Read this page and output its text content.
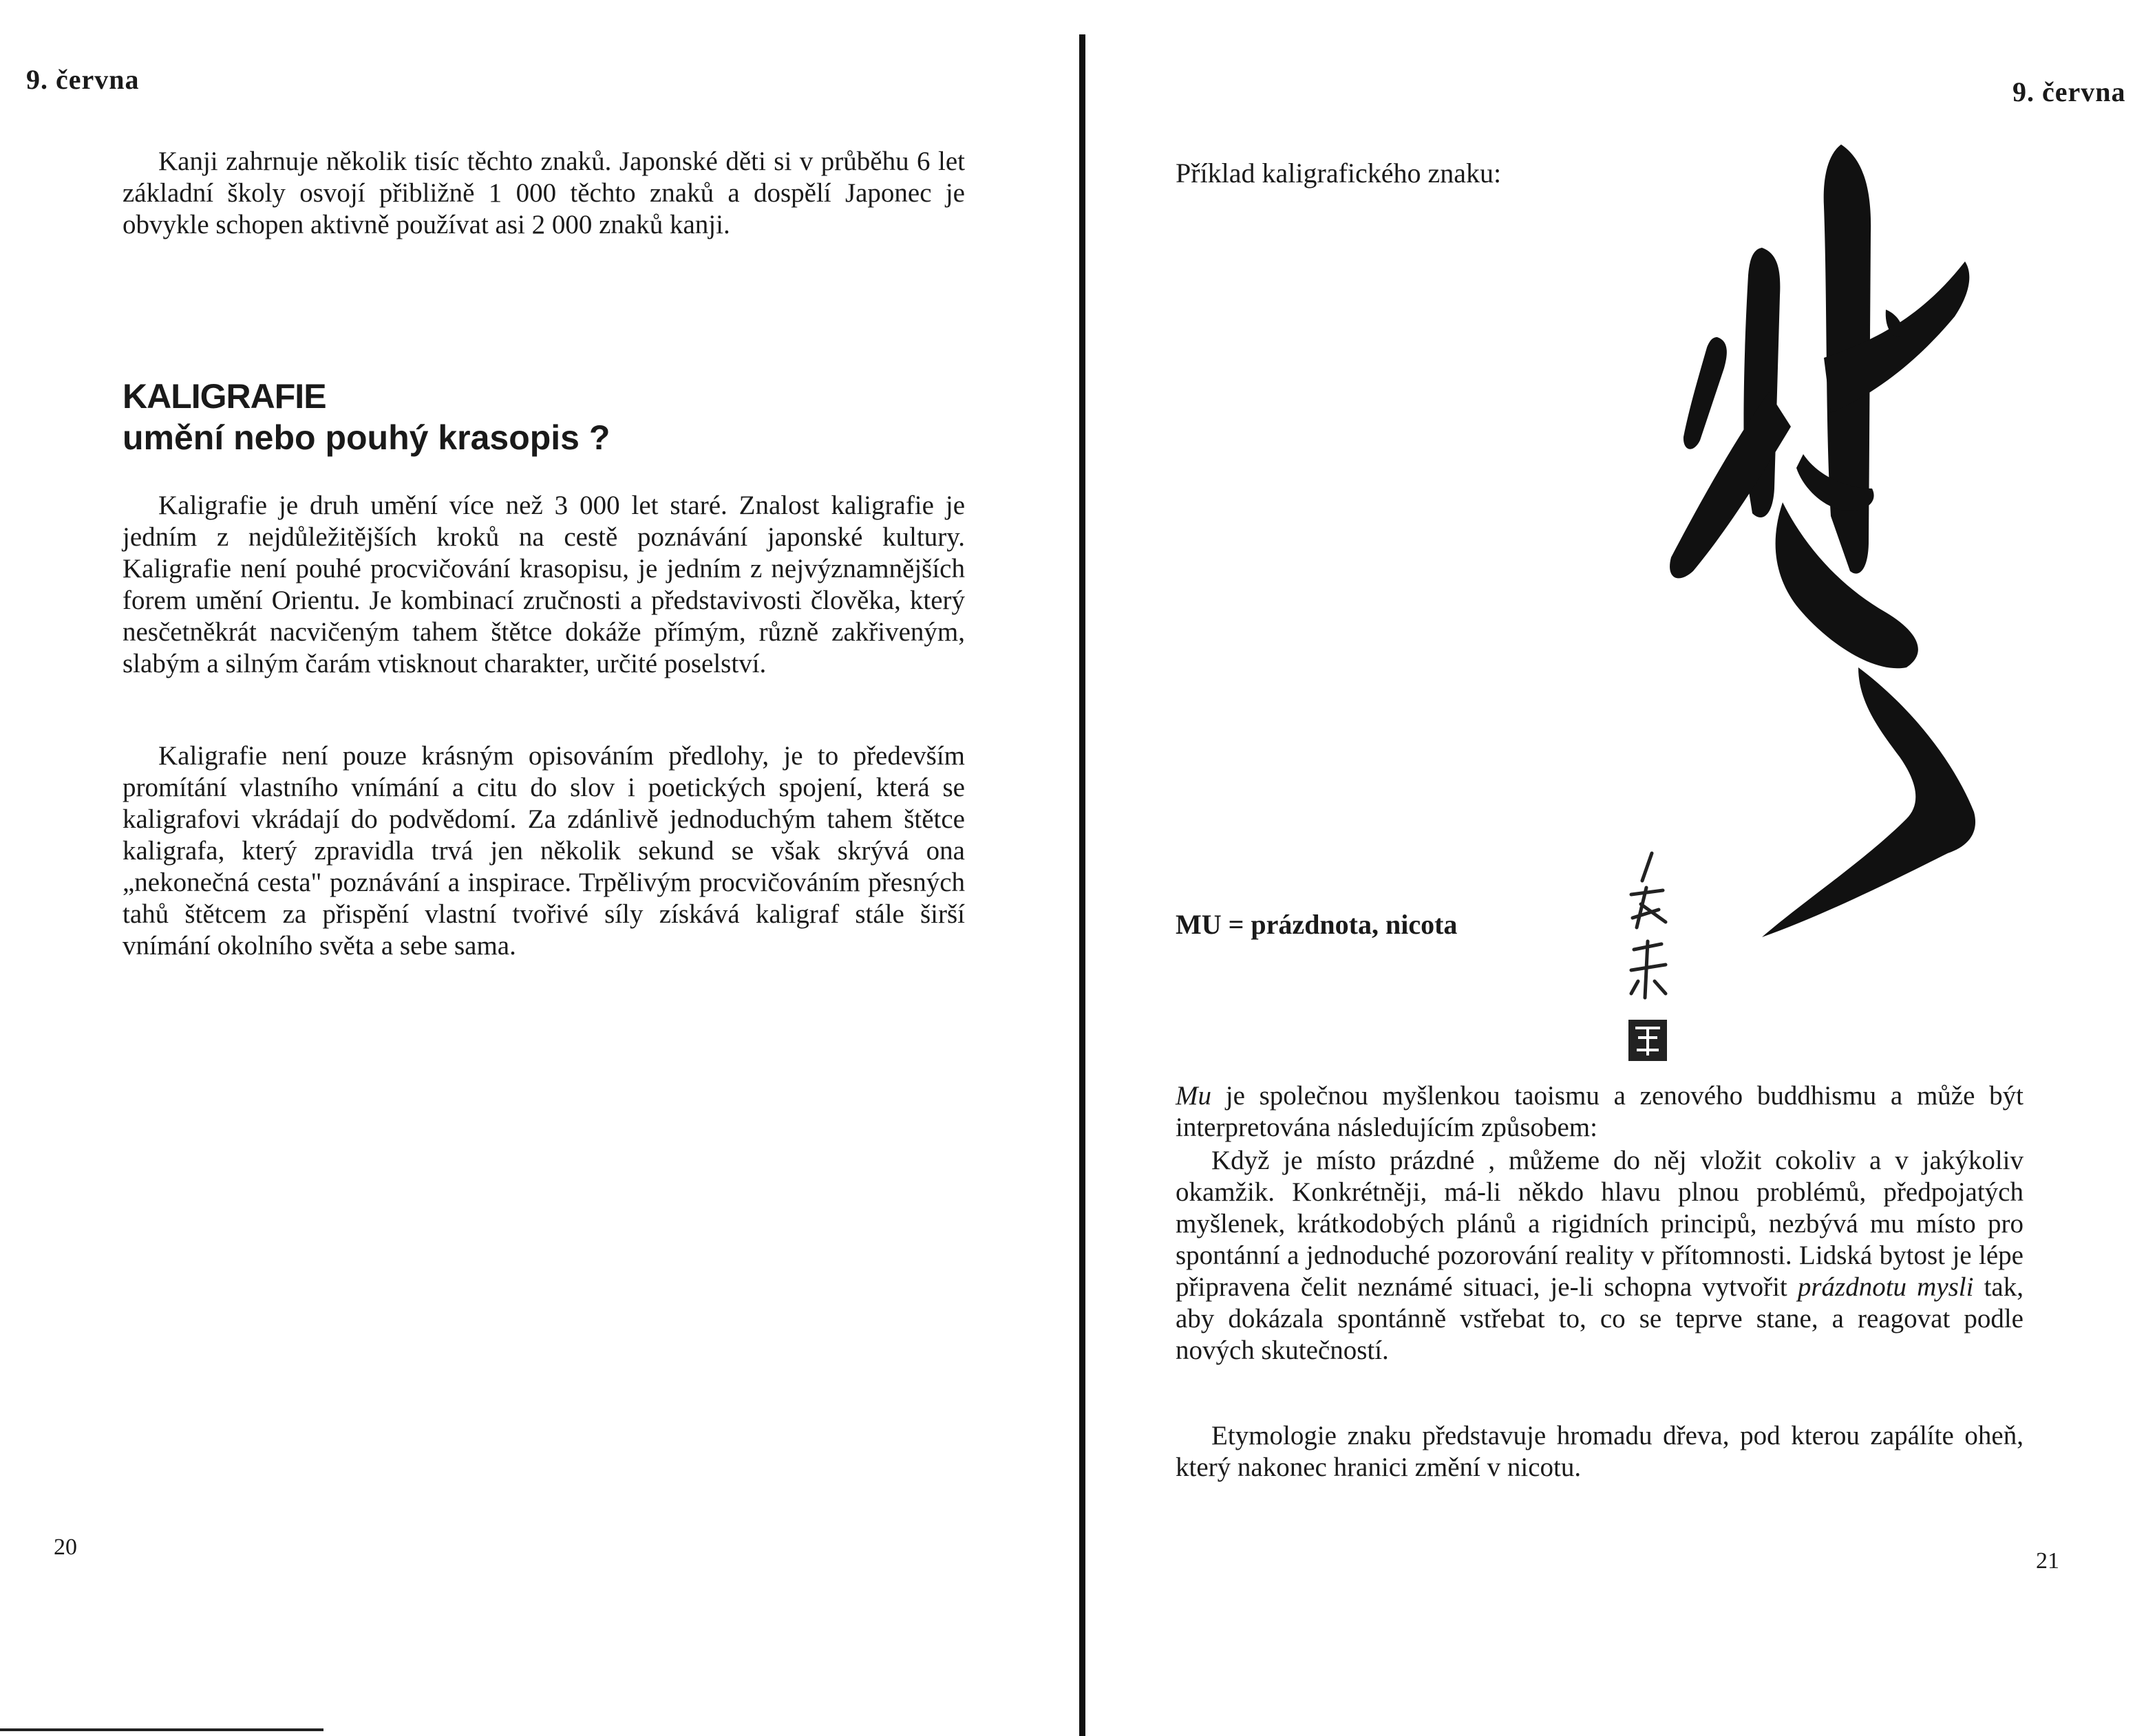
9. června

Kanji zahrnuje několik tisíc těchto znaků. Japonské děti si v průběhu 6 let základní školy osvojí přibližně 1 000 těchto znaků a dospělí Japonec je obvykle schopen aktivně používat asi 2 000 znaků kanji.

KALIGRAFIE
umění nebo pouhý krasopis ?

Kaligrafie je druh umění více než 3 000 let staré. Znalost kaligrafie je jedním z nejdůležitějších kroků na cestě poznávání japonské kultury. Kaligrafie není pouhé procvičování krasopisu, je jedním z nejvýznamnějších forem umění Orientu. Je kombinací zručnosti a představivosti člověka, který nesčetněkrát nacvičeným tahem štětce dokáže přímým, různě zakřiveným, slabým a silným čarám vtisknout charakter, určité poselství.

Kaligrafie není pouze krásným opisováním předlohy, je to především promítání vlastního vnímání a citu do slov i poetických spojení, která se kaligrafovi vkrádají do podvědomí. Za zdánlivě jednoduchým tahem štětce kaligrafa, který zpravidla trvá jen několik sekund se však skrývá ona „nekonečná cesta" poznávání a inspirace. Trpělivým procvičováním přesných tahů štětcem za přispění vlastní tvořivé síly získává kaligraf stále širší vnímání okolního světa a sebe sama.

20
9. června
Příklad kaligrafického znaku:
MU = prázdnota, nicota

Mu je společnou myšlenkou taoismu a zenového buddhismu a může být interpretována následujícím způsobem:

Když je místo prázdné , můžeme do něj vložit cokoliv a v jakýkoliv okamžik. Konkrétněji, má-li někdo hlavu plnou problémů, předpojatých myšlenek, krátkodobých plánů a rigidních principů, nezbývá mu místo pro spontánní a jednoduché pozorování reality v přítomnosti. Lidská bytost je lépe připravena čelit neznámé situaci, je-li schopna vytvořit prázdnotu mysli tak, aby dokázala spontánně vstřebat to, co se teprve stane, a reagovat podle nových skutečností.

Etymologie znaku představuje hromadu dřeva, pod kterou zapálíte oheň, který nakonec hranici změní v nicotu.

21
